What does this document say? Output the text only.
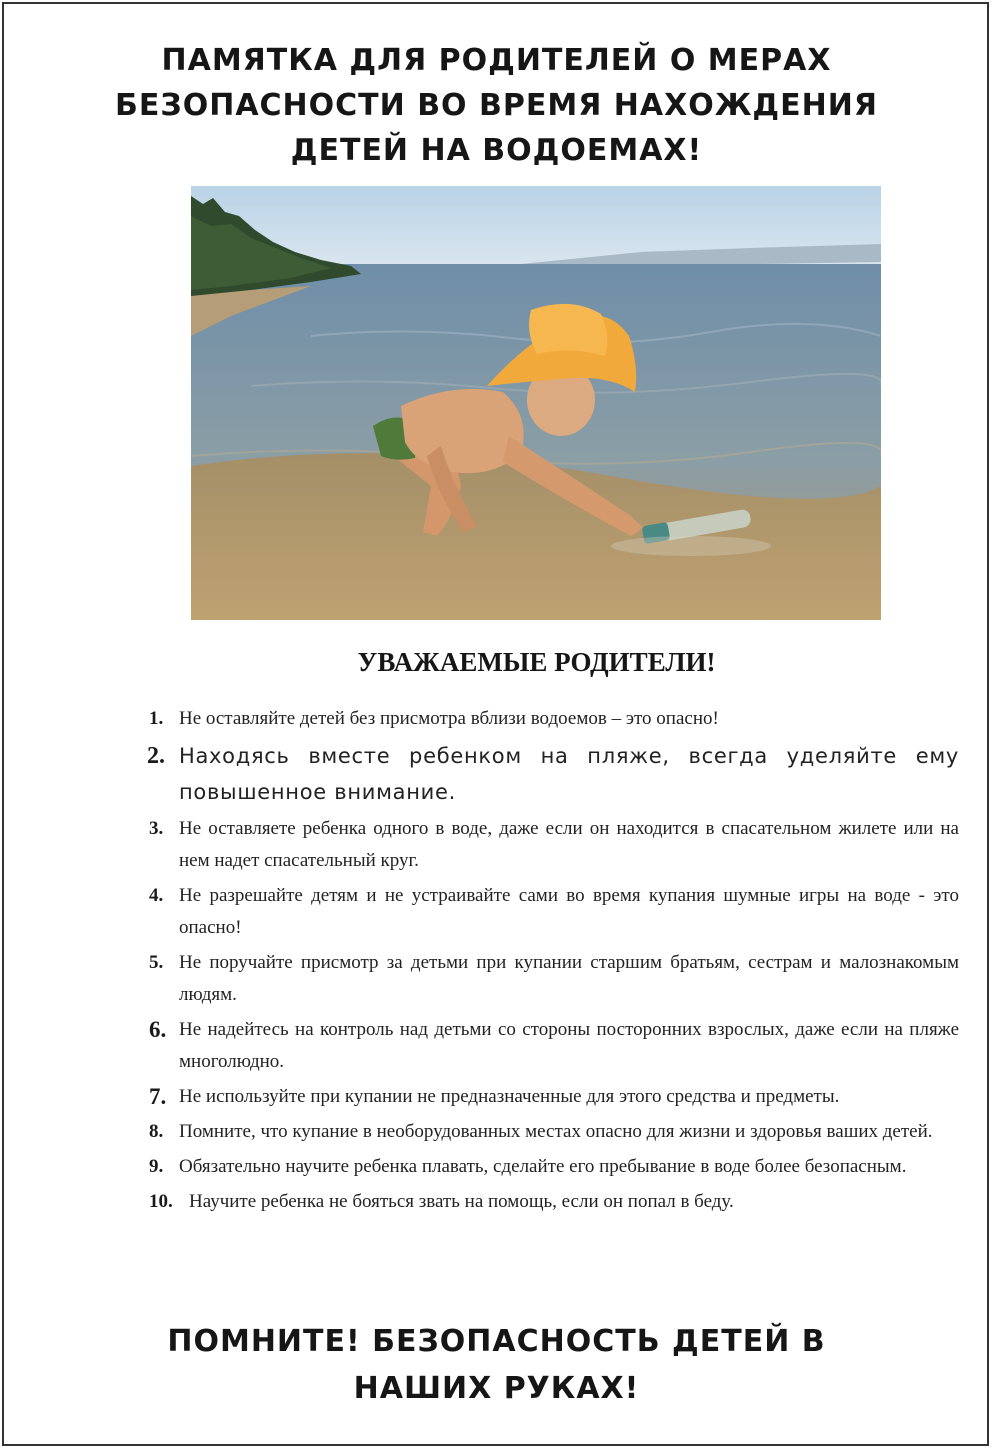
ПАМЯТКА ДЛЯ РОДИТЕЛЕЙ О МЕРАХ
БЕЗОПАСНОСТИ ВО ВРЕМЯ НАХОЖДЕНИЯ
ДЕТЕЙ НА ВОДОЕМАХ!
УВАЖАЕМЫЕ РОДИТЕЛИ!
1. Не оставляйте детей без присмотра вблизи водоемов – это опасно!
2. Находясь вместе ребенком на пляже, всегда уделяйте ему повышенное внимание.
3. Не оставляете ребенка одного в воде, даже если он находится в спасательном жилете или на нем надет спасательный круг.
4. Не разрешайте детям и не устраивайте сами во время купания шумные игры на воде - это опасно!
5. Не поручайте присмотр за детьми при купании старшим братьям, сестрам и малознакомым людям.
6. Не надейтесь на контроль над детьми со стороны посторонних взрослых, даже если на пляже многолюдно.
7. Не используйте при купании не предназначенные для этого средства и предметы.
8. Помните, что купание в необорудованных местах опасно для жизни и здоровья ваших детей.
9. Обязательно научите ребенка плавать, сделайте его пребывание в воде более безопасным.
10. Научите ребенка не бояться звать на помощь, если он попал в беду.
ПОМНИТЕ! БЕЗОПАСНОСТЬ ДЕТЕЙ В
НАШИХ РУКАХ!
